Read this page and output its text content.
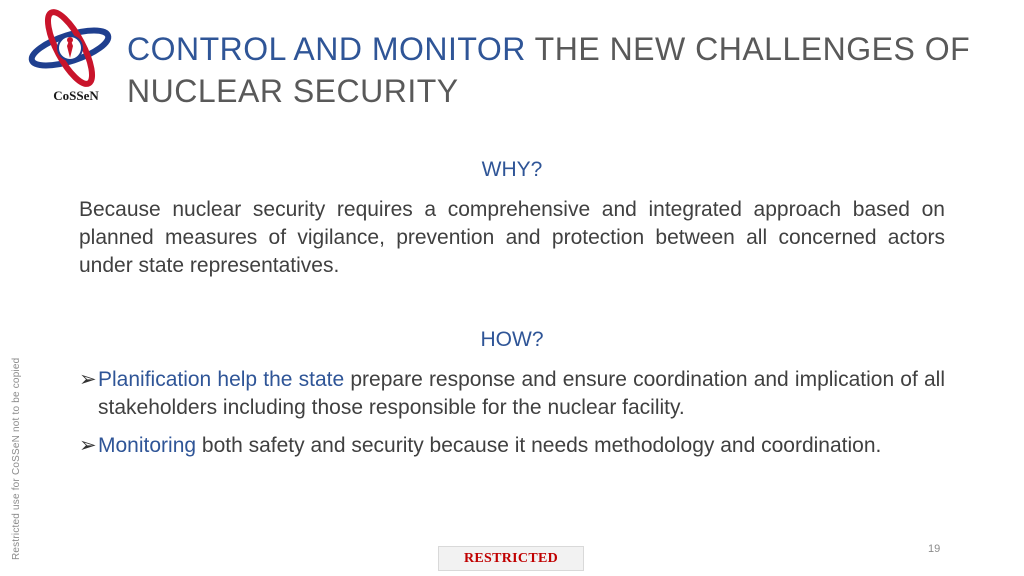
CoSSeN
CONTROL AND MONITOR THE NEW CHALLENGES OF NUCLEAR SECURITY
WHY?
Because nuclear security requires a comprehensive and integrated approach based on planned measures of vigilance, prevention and protection between all concerned actors under state representatives.
HOW?
➢ Planification help the state prepare response and ensure coordination and implication of all stakeholders including those responsible for the nuclear facility.
➢ Monitoring both safety and security because it needs methodology and coordination.
Restricted use for CoSSeN not to be copied	19
RESTRICTED
